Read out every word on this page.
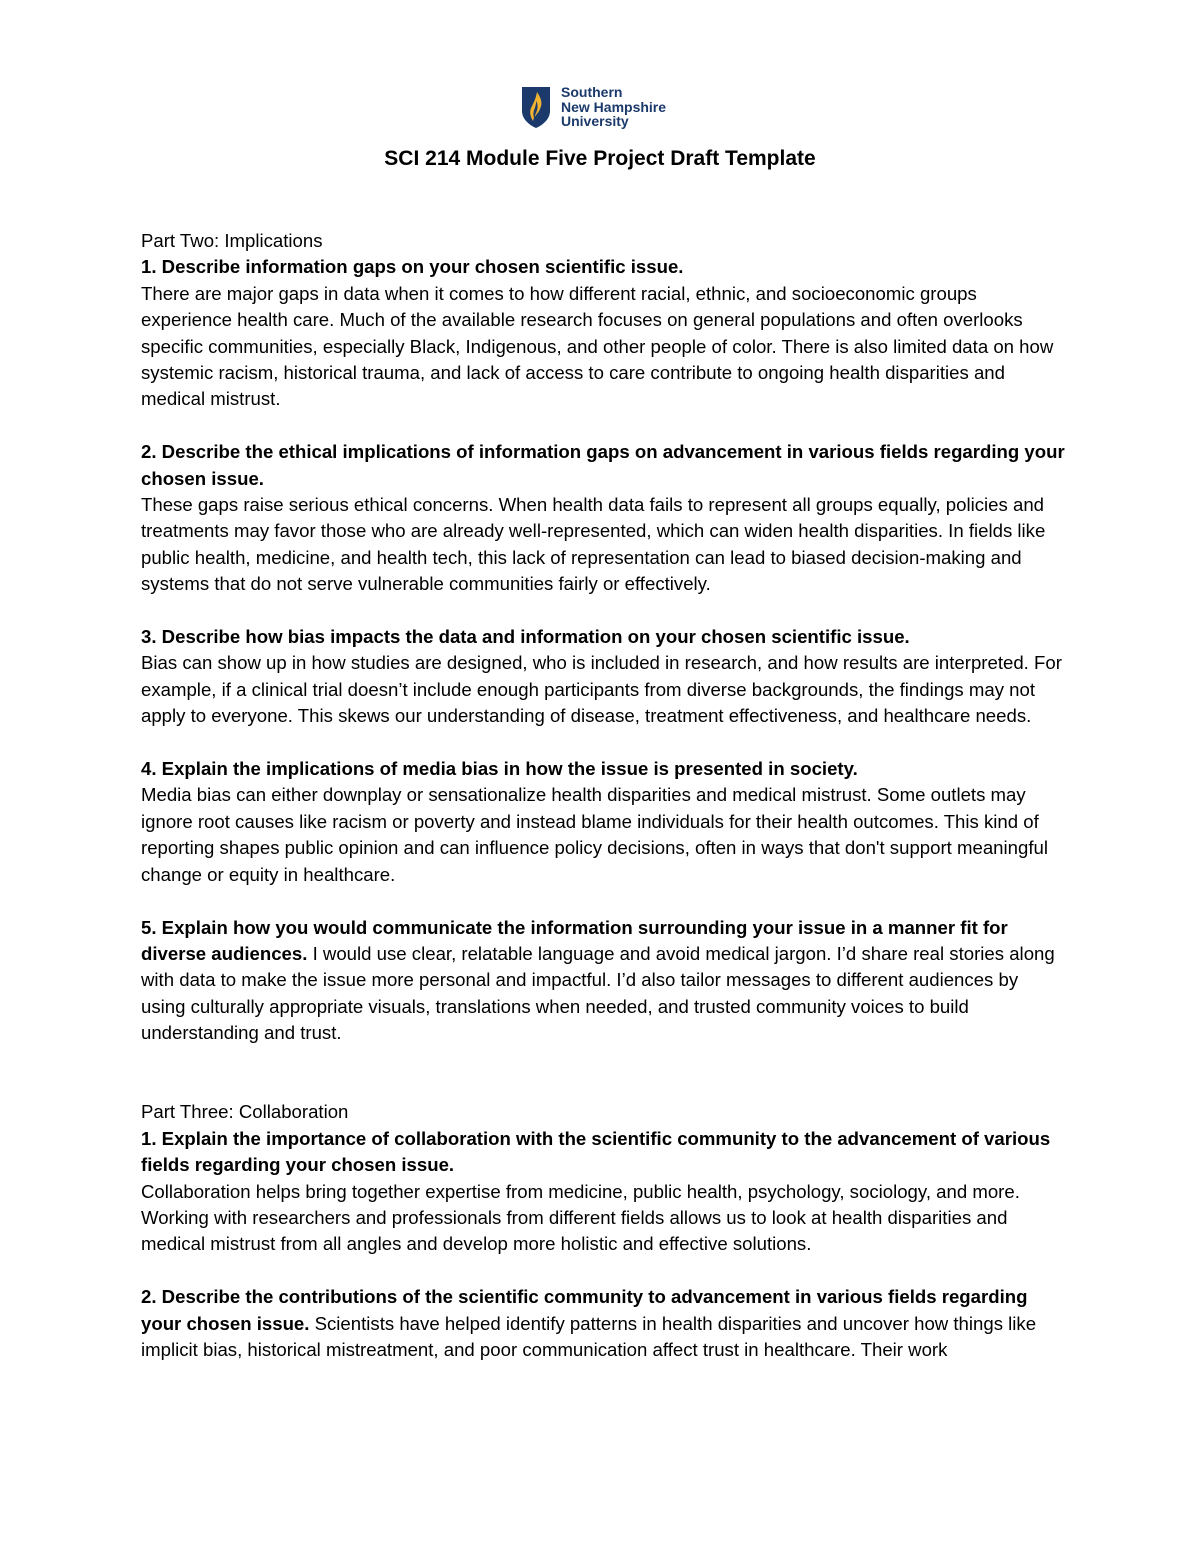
Southern
New Hampshire
University
SCI 214 Module Five Project Draft Template

Part Two: Implications

1. Describe information gaps on your chosen scientific issue.

There are major gaps in data when it comes to how different racial, ethnic, and socioeconomic groups experience health care. Much of the available research focuses on general populations and often overlooks specific communities, especially Black, Indigenous, and other people of color. There is also limited data on how systemic racism, historical trauma, and lack of access to care contribute to ongoing health disparities and medical mistrust.

2. Describe the ethical implications of information gaps on advancement in various fields regarding your chosen issue.

These gaps raise serious ethical concerns. When health data fails to represent all groups equally, policies and treatments may favor those who are already well-represented, which can widen health disparities. In fields like public health, medicine, and health tech, this lack of representation can lead to biased decision-making and systems that do not serve vulnerable communities fairly or effectively.

3. Describe how bias impacts the data and information on your chosen scientific issue.

Bias can show up in how studies are designed, who is included in research, and how results are interpreted. For example, if a clinical trial doesn’t include enough participants from diverse backgrounds, the findings may not apply to everyone. This skews our understanding of disease, treatment effectiveness, and healthcare needs.

4. Explain the implications of media bias in how the issue is presented in society.

Media bias can either downplay or sensationalize health disparities and medical mistrust. Some outlets may ignore root causes like racism or poverty and instead blame individuals for their health outcomes. This kind of reporting shapes public opinion and can influence policy decisions, often in ways that don't support meaningful change or equity in healthcare.

5. Explain how you would communicate the information surrounding your issue in a manner fit for diverse audiences. I would use clear, relatable language and avoid medical jargon. I’d share real stories along with data to make the issue more personal and impactful. I’d also tailor messages to different audiences by using culturally appropriate visuals, translations when needed, and trusted community voices to build understanding and trust.

Part Three: Collaboration

1. Explain the importance of collaboration with the scientific community to the advancement of various fields regarding your chosen issue.

Collaboration helps bring together expertise from medicine, public health, psychology, sociology, and more. Working with researchers and professionals from different fields allows us to look at health disparities and medical mistrust from all angles and develop more holistic and effective solutions.

2. Describe the contributions of the scientific community to advancement in various fields regarding your chosen issue. Scientists have helped identify patterns in health disparities and uncover how things like implicit bias, historical mistreatment, and poor communication affect trust in healthcare. Their work
